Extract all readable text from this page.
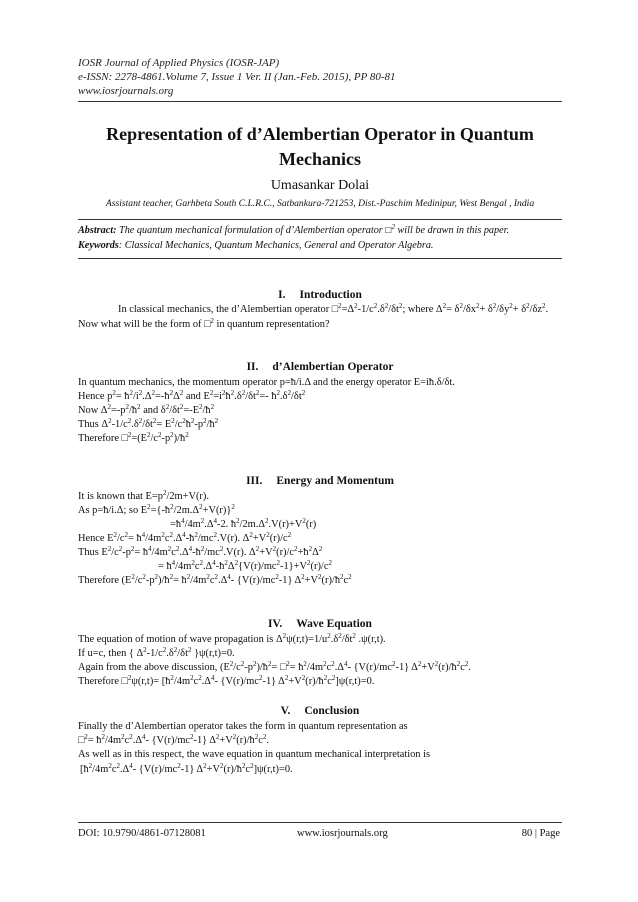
IOSR Journal of Applied Physics (IOSR-JAP)
e-ISSN: 2278-4861.Volume 7, Issue 1 Ver. II (Jan.-Feb. 2015), PP 80-81
www.iosrjournals.org
Representation of d’Alembertian Operator in Quantum
Mechanics
Umasankar Dolai
Assistant teacher, Garhbeta South C.L.R.C., Satbankura-721253, Dist.-Paschim Medinipur, West Bengal , India
Abstract: The quantum mechanical formulation of d’Alembertian operator □$^2$ will be drawn in this paper.
Keywords: Classical Mechanics, Quantum Mechanics, General and Operator Algebra.
I. Introduction
In classical mechanics, the d’Alembertian operator $□^2=\Delta^2-1/c^2.\delta^2/\delta t^2$; where $\Delta^2= \delta^2/\delta x^2+ \delta^2/\delta y^2+ \delta^2/\delta z^2$.
Now what will be the form of □$^2$ in quantum representation?
II. d’Alembertian Operator
In quantum mechanics, the momentum operator p=ħ/i.Δ and the energy operator E=iħ.δ/δt.
Hence $p^2=$ $ħ^2/i^2.\Delta^2=-ħ^2\Delta^2$ and $E^2=i^2ħ^2.\delta^2/\delta t^2=-$ $ħ^2.\delta^2/\delta t^2$
Now $\Delta^2=-p^2/ħ^2$ and $\delta^2/\delta t^2=-E^2/ħ^2$
Thus $\Delta^2-1/c^2.\delta^2/\delta t^2=$ $E^2/c^2ħ^2-p^2/ħ^2$
Therefore $□^2=(E^2/c^2-p^2)/ħ^2$
III. Energy and Momentum
It is known that $E=p^2/2m+V(r)$.
As p=ħ/i.Δ; so $E^2=\{-ħ^2/2m.\Delta^2+V(r)\}^2$
$=ħ^4/4m^2.\Delta^4-2$. $ħ^2/2m.\Delta^2.V(r)+V^2(r)$
Hence $E^2/c^2=$ $ħ^4/4m^2c^2.\Delta^4-ħ^2/mc^2.V(r)$. $\Delta^2+V^2(r)/c^2$
Thus $E^2/c^2-p^2=$ $ħ^4/4m^2c^2.\Delta^4-ħ^2/mc^2.V(r)$. $\Delta^2+V^2(r)/c^2+ħ^2\Delta^2$
= $ħ^4/4m^2c^2.\Delta^4-ħ^2\Delta^2\{V(r)/mc^2-1\}+V^2(r)/c^2$
Therefore $(E^2/c^2-p^2)/ħ^2=$ $ħ^2/4m^2c^2.\Delta^4-$ $\{V(r)/mc^2-1\}$ $\Delta^2+V^2(r)/ħ^2c^2$
IV. Wave Equation
The equation of motion of wave propagation is $\Delta^2\psi(r,t)=1/u^2.\delta^2/\delta t^2$ .ψ(r,t).
If u=c, then { $\Delta^2-1/c^2.\delta^2/\delta t^2$ }ψ(r,t)=0.
Again from the above discussion, $(E^2/c^2-p^2)/ħ^2=$ □$^2$= $ħ^2/4m^2c^2.\Delta^4-$ $\{V(r)/mc^2-1\}$ $\Delta^2+V^2(r)/ħ^2c^2$.
Therefore □$^2$ψ(r,t)= [$ħ^2/4m^2c^2.\Delta^4-$ $\{V(r)/mc^2-1\}$ $\Delta^2+V^2(r)/ħ^2c^2]\psi(r,t)=0$.
V. Conclusion
Finally the d’Alembertian operator takes the form in quantum representation as
□$^2$= $ħ^2/4m^2c^2.\Delta^4-$ $\{V(r)/mc^2-1\}$ $\Delta^2+V^2(r)/ħ^2c^2$.
As well as in this respect, the wave equation in quantum mechanical interpretation is
[$ħ^2/4m^2c^2.\Delta^4-$ $\{V(r)/mc^2-1\}$ $\Delta^2+V^2(r)/ħ^2c^2]\psi(r,t)=0$.
DOI: 10.9790/4861-07128081	www.iosrjournals.org	80 | Page
